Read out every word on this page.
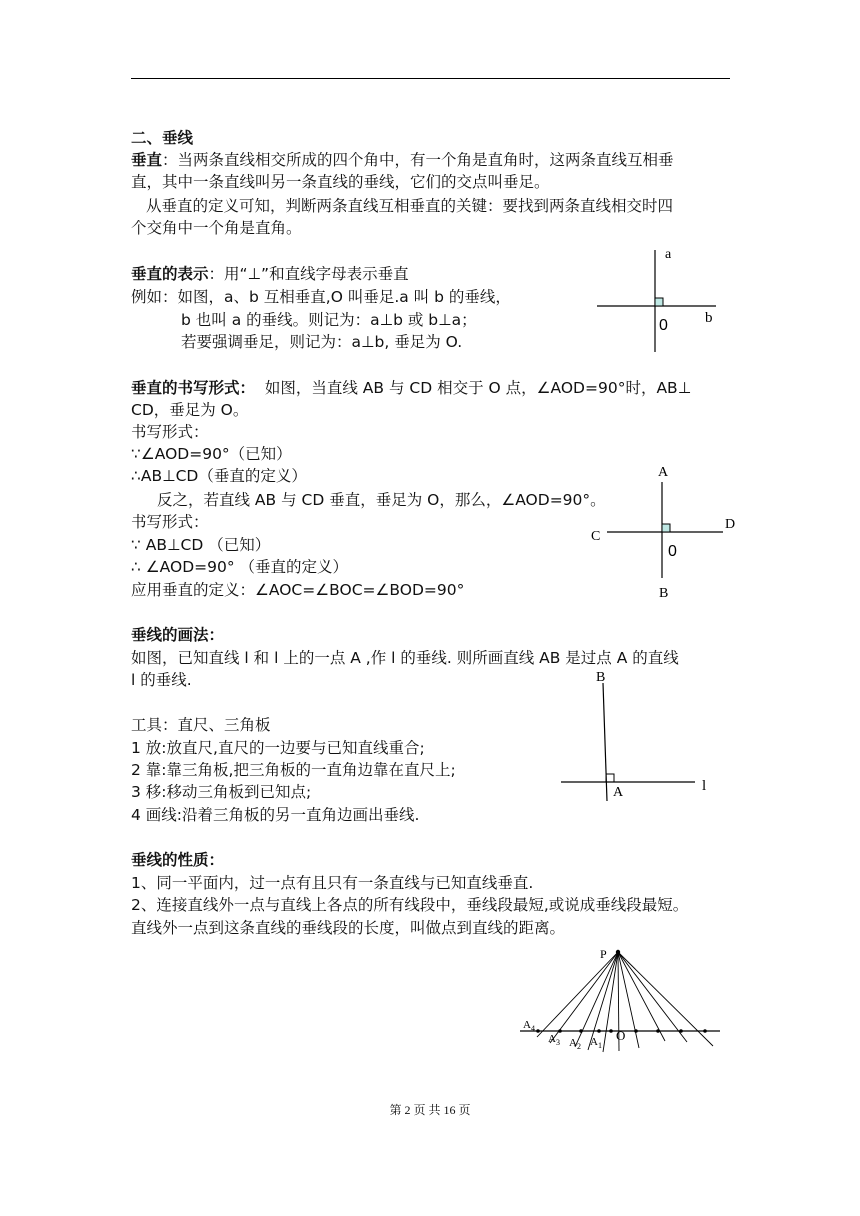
二、垂线
垂直：当两条直线相交所成的四个角中，有一个角是直角时，这两条直线互相垂
直，其中一条直线叫另一条直线的垂线，它们的交点叫垂足。
从垂直的定义可知，判断两条直线互相垂直的关键：要找到两条直线相交时四
个交角中一个角是直角。
垂直的表示：用“⊥”和直线字母表示垂直
例如：如图，a、b 互相垂直,O 叫垂足.a 叫 b 的垂线，
b 也叫 a 的垂线。则记为：a⊥b 或 b⊥a；
若要强调垂足，则记为：a⊥b, 垂足为 O.
a
b
0
垂直的书写形式： 如图，当直线 AB 与 CD 相交于 O 点，∠AOD=90°时，AB⊥
CD，垂足为 O。
书写形式：
∵∠AOD=90°（已知）
∴AB⊥CD（垂直的定义）
反之，若直线 AB 与 CD 垂直，垂足为 O，那么，∠AOD=90°。
书写形式：
∵ AB⊥CD （已知）
∴ ∠AOD=90° （垂直的定义）
应用垂直的定义：∠AOC=∠BOC=∠BOD=90°
A
B
C
D
0
垂线的画法：
如图，已知直线 l 和 l 上的一点 A ,作 l 的垂线. 则所画直线 AB 是过点 A 的直线
l 的垂线.
工具：直尺、三角板
1 放:放直尺,直尺的一边要与已知直线重合;
2 靠:靠三角板,把三角板的一直角边靠在直尺上;
3 移:移动三角板到已知点;
4 画线:沿着三角板的另一直角边画出垂线.
B
A	l
垂线的性质：
1、同一平面内，过一点有且只有一条直线与已知直线垂直.
2、连接直线外一点与直线上各点的所有线段中，垂线段最短,或说成垂线段最短。
直线外一点到这条直线的垂线段的长度，叫做点到直线的距离。
P
$A_4$
$A_3$ $A_2$ $A_1$
O
第 2 页 共 16 页
